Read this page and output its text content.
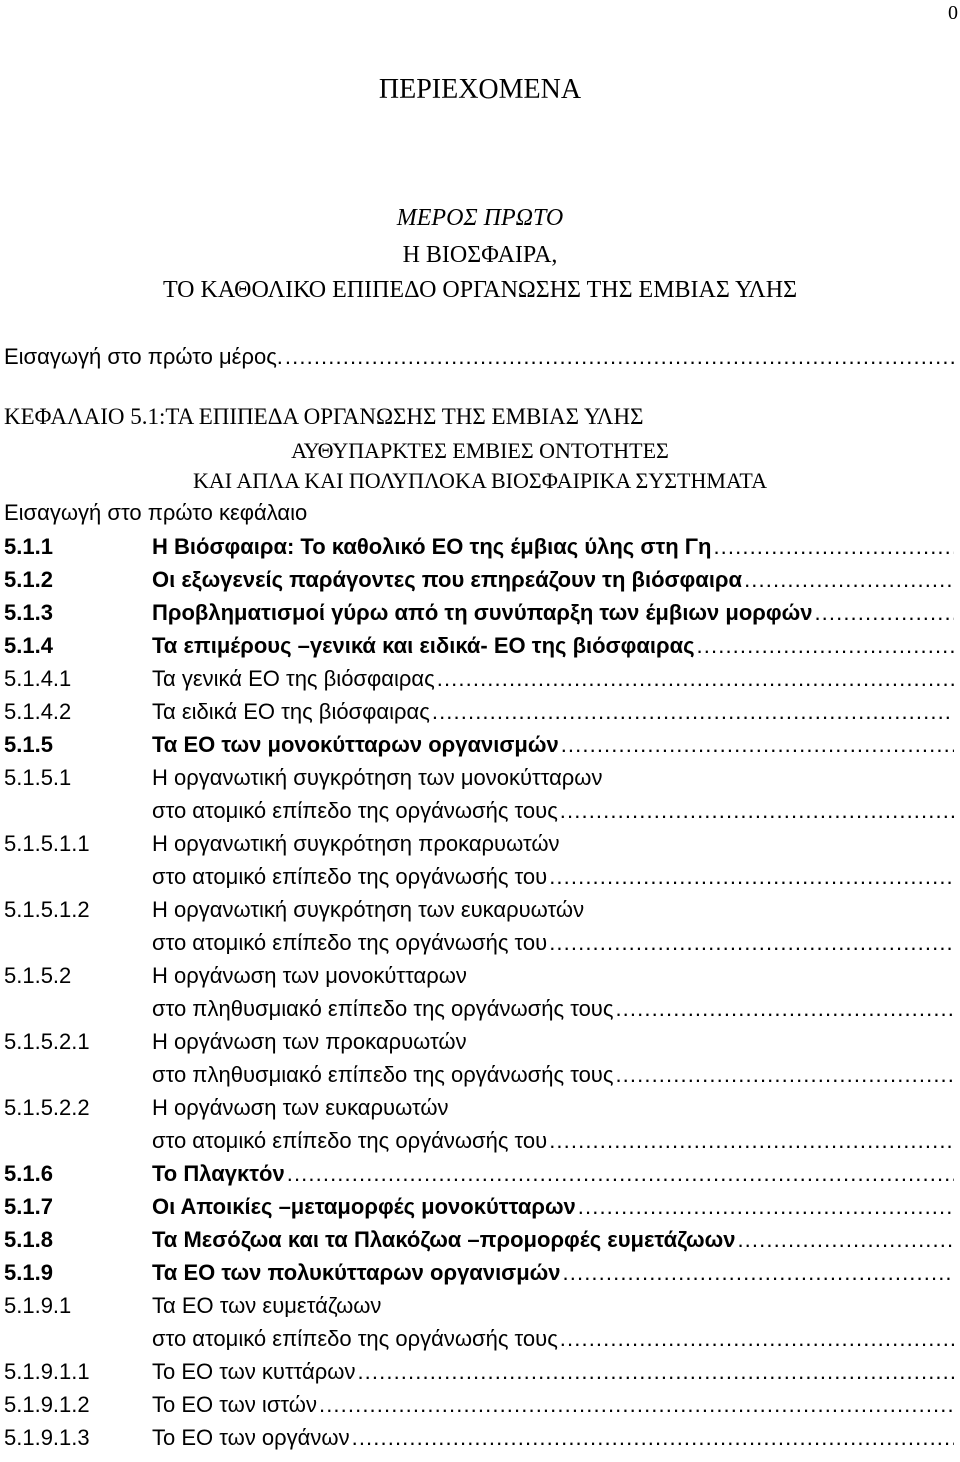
0
ΠΕΡΙΕΧΟΜΕΝΑ
ΜΕΡΟΣ ΠΡΩΤΟ
Η ΒΙΟΣΦΑΙΡΑ,
ΤΟ ΚΑΘΟΛΙΚΟ ΕΠΙΠΕΔΟ ΟΡΓΑΝΩΣΗΣ ΤΗΣ ΕΜΒΙΑΣ ΥΛΗΣ
Εισαγωγή στο πρώτο μέρος.
. . .
ΚΕΦΑΛΑΙΟ 5.1:ΤΑ ΕΠΙΠΕΔΑ ΟΡΓΑΝΩΣΗΣ ΤΗΣ ΕΜΒΙΑΣ ΥΛΗΣ
ΑΥΘΥΠΑΡΚΤΕΣ ΕΜΒΙΕΣ ΟΝΤΟΤΗΤΕΣ
ΚΑΙ ΑΠΛΑ ΚΑΙ ΠΟΛΥΠΛΟΚΑ ΒΙΟΣΦΑΙΡΙΚΑ ΣΥΣΤΗΜΑΤΑ
Εισαγωγή στο πρώτο κεφάλαιο
5.1.1	Η Βιόσφαιρα: Το καθολικό ΕΟ της έμβιας ύλης στη Γη
. . .
5.1.2	Οι εξωγενείς παράγοντες που επηρεάζουν τη βιόσφαιρα
. . .
5.1.3	Προβληματισμοί γύρω από τη συνύπαρξη των έμβιων μορφών
. . .
5.1.4	Τα επιμέρους –γενικά και ειδικά- ΕΟ της βιόσφαιρας
. . .
5.1.4.1	Τα γενικά ΕΟ της βιόσφαιρας
. . .
5.1.4.2	Τα ειδικά ΕΟ της βιόσφαιρας
. . .
5.1.5	Τα ΕΟ των μονοκύτταρων οργανισμών
. . .
5.1.5.1	Η οργανωτική συγκρότηση των μονοκύτταρων
στο ατομικό επίπεδο της οργάνωσής τους
. . .
5.1.5.1.1	Η οργανωτική συγκρότηση προκαρυωτών
στο ατομικό επίπεδο της οργάνωσής του
. . .
5.1.5.1.2	Η οργανωτική συγκρότηση των ευκαρυωτών
στο ατομικό επίπεδο της οργάνωσής του
. . .
5.1.5.2	Η οργάνωση των μονοκύτταρων
στο πληθυσμιακό επίπεδο της οργάνωσής τους
. . .
5.1.5.2.1	Η οργάνωση των προκαρυωτών
στο πληθυσμιακό επίπεδο της οργάνωσής τους
. . .
5.1.5.2.2	Η οργάνωση των ευκαρυωτών
στο ατομικό επίπεδο της οργάνωσής του
. . .
5.1.6	Το Πλαγκτόν
. . .
5.1.7	Οι Αποικίες –μεταμορφές μονοκύτταρων
. . .
5.1.8	Τα Μεσόζωα και τα Πλακόζωα –προμορφές ευμετάζωων
. . .
5.1.9	Τα ΕΟ των πολυκύτταρων οργανισμών
. . .
5.1.9.1	Τα ΕΟ των ευμετάζωων
στο ατομικό επίπεδο της οργάνωσής τους
. . .
5.1.9.1.1	Το ΕΟ των κυττάρων
. . .
5.1.9.1.2	Το ΕΟ των ιστών
. . .
5.1.9.1.3	Το ΕΟ των οργάνων
. . .
